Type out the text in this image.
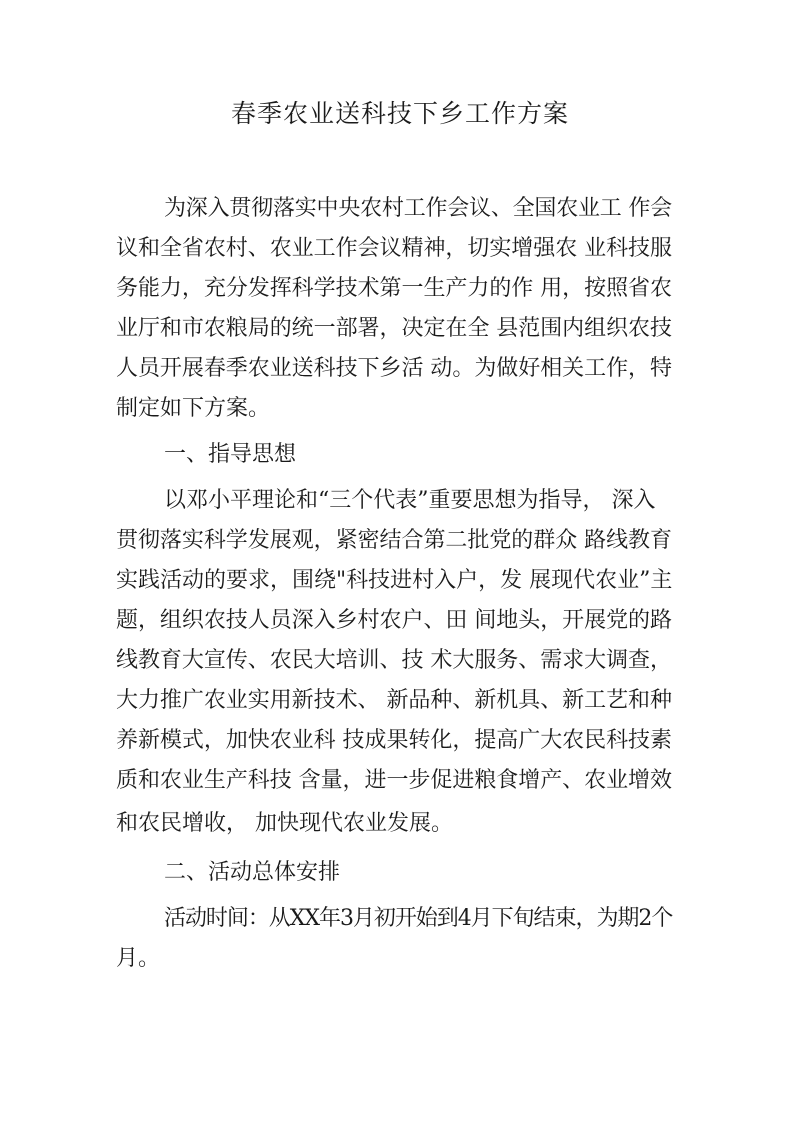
春季农业送科技下乡工作方案

为深入贯彻落实中央农村工作会议、全国农业工 作会

议和全省农村、农业工作会议精神，切实增强农 业科技服

务能力，充分发挥科学技术第一生产力的作 用，按照省农

业厅和市农粮局的统一部署，决定在全 县范围内组织农技

人员开展春季农业送科技下乡活 动。为做好相关工作，特

制定如下方案。

一、指导思想

以邓小平理论和“三个代表”重要思想为指导， 深入

贯彻落实科学发展观，紧密结合第二批党的群众 路线教育

实践活动的要求，围绕"科技进村入户，发 展现代农业”主

题，组织农技人员深入乡村农户、田 间地头，开展党的路

线教育大宣传、农民大培训、技 术大服务、需求大调查，

大力推广农业实用新技术、 新品种、新机具、新工艺和种

养新模式，加快农业科 技成果转化，提高广大农民科技素

质和农业生产科技 含量，进一步促进粮食增产、农业增效

和农民增收， 加快现代农业发展。

二、活动总体安排

活动时间：从XX年3月初开始到4月下旬结束，为期2个

月。
